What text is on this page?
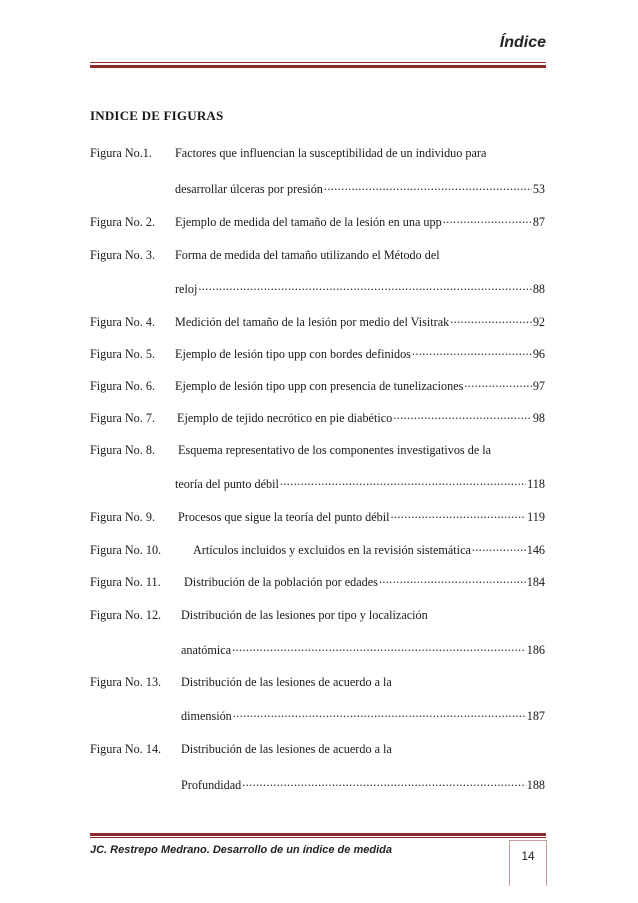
Índice
INDICE DE FIGURAS
Figura No.1.	Factores que influencian la susceptibilidad de un individuo para
desarrollar úlceras por presión .....	53
Figura No. 2.	Ejemplo de medida del tamaño de la lesión en una upp .....	87
Figura No. 3.	Forma de medida del tamaño utilizando el Método del
reloj .....	88
Figura No. 4.	Medición del tamaño de la lesión por medio del Visitrak .....	92
Figura No. 5.	Ejemplo de lesión tipo upp con bordes definidos .....	96
Figura No. 6.	Ejemplo de lesión tipo upp con presencia de tunelizaciones .....	97
Figura No. 7.	Ejemplo de tejido necrótico en pie diabético .....	98
Figura No. 8.	Esquema representativo de los componentes investigativos de la
teoría del punto débil .....	118
Figura No. 9.	Procesos que sigue la teoría del punto débil .....	119
Figura No. 10.	Artículos incluidos y excluidos en la revisión sistemática .....	146
Figura No. 11.	Distribución de la población por edades .....	184
Figura No. 12.	Distribución de las lesiones por tipo y localización
anatómica .....	186
Figura No. 13.	Distribución de las lesiones de acuerdo a la
dimensión .....	187
Figura No. 14.	Distribución de las lesiones de acuerdo a la
Profundidad .....	188
JC. Restrepo Medrano. Desarrollo de un índice de medida	14
